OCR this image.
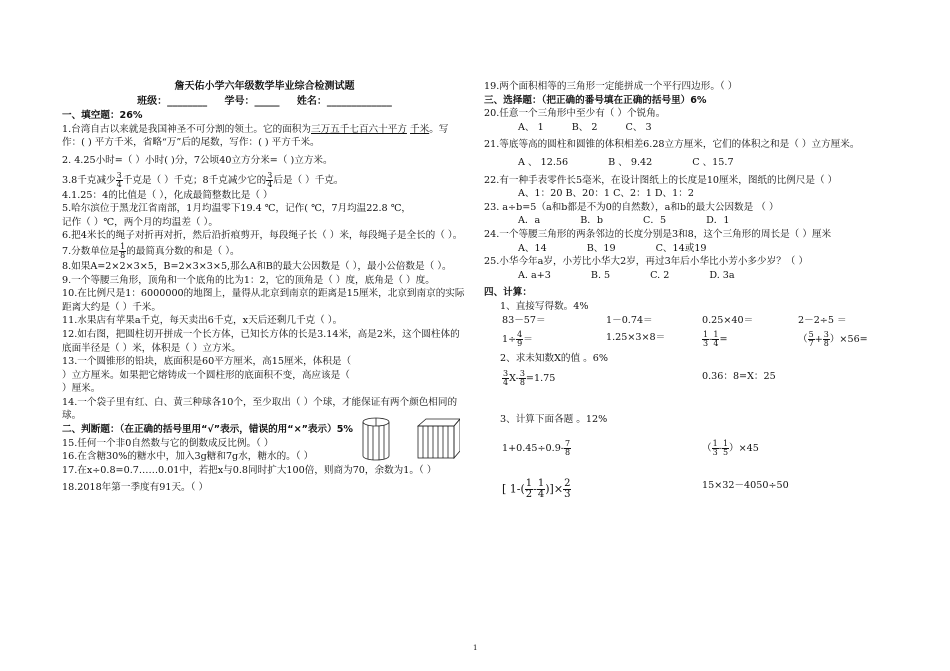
詹天佑小学六年级数学毕业综合检测试题
班级：________ 学号：_____ 姓名：_____________
一、填空题：26%

1.台湾自古以来就是我国神圣不可分割的领土。它的面积为三万五千七百六十平方 千米。写作：( ) 平方千米，省略“万”后的尾数，写作：( ) 平方千米。

2. 4.25小时=（ ）小时( )分，7公顷40立方分米=（ )立方米。

3.8千克减少 $\frac{3}{4}$ 千克是（ ）千克；8千克减少它的 $\frac{3}{4}$ 后是（ ）千克。

4.1.25：4的比值是（ ），化成最简整数比是（ ）

5.哈尔滨位于黑龙江省南部，1月均温零下19.4 ℃，记作( ℃，7月均温22.8 ℃，
记作（ ）℃，两个月的均温差（ ）。

6.把4米长的绳子对折再对折，然后沿折痕剪开，每段绳子长（ ）米，每段绳子是全长的（ ）。

7.分数单位是 $\frac{1}{8}$ 的最简真分数的和是（ ）。

8.如果A=2×2×3×5，B=2×3×3×5,那么A和B的最大公因数是（ ），最小公倍数是（ ）。

9.一个等腰三角形，顶角和一个底角的比为1：2，它的顶角是（ ）度，底角是（ ）度。

10.在比例尺是1：6000000的地图上，量得从北京到南京的距离是15厘米，北京到南京的实际距离大约是（ ）千米。

11.水果店有苹果a千克，每天卖出6千克，x天后还剩几千克（ ）。

12.如右图，把圆柱切开拼成一个长方体，已知长方体的长是3.14米，高是2米，这个圆柱体的底面半径是（ ）米，体积是（ ）立方米。

13.一个圆锥形的铅块，底面积是60平方厘米，高15厘米，体积是（ ）立方厘米。如果把它熔铸成一个圆柱形的底面积不变，高应该是（ ）厘米。

14.一个袋子里有红、白、黄三种球各10个，至少取出（ ）个球，才能保证有两个颜色相同的球。

二、判断题：（在正确的括号里用“√”表示，错误的用“×”表示）5%

15.任何一个非0自然数与它的倒数成反比例。（ ）

16.在含糖30%的糖水中，加入3g糖和7g水，糖水的。（ ）

17.在x÷0.8=0.7……0.01中，若把x与0.8同时扩大100倍，则商为70，余数为1。（ ）

18.2018年第一季度有91天。（ ）

19.两个面积相等的三角形一定能拼成一个平行四边形。（ ）

三、选择题：（把正确的番号填在正确的括号里）6%

20.任意一个三角形中至少有（ ）个锐角。

A、 1	B、 2	C、 3

21.等底等高的圆柱和圆锥的体积相差6.28立方厘米，它们的体积之和是（ ）立方厘米。

A 、 12.56	B 、 9.42	C 、15.7

22.有一种手表零件长5毫米，在设计图纸上的长度是10厘米，图纸的比例尺是（ ）

A、1：20 B、20：1 C、2：1 D、1：2

23. a÷b=5（a和b都是不为0的自然数），a和b的最大公因数是 （ ）

A．a	B．b	C．5	D．1

24.一个等腰三角形的两条邻边的长度分别是3和8，这个三角形的周长是（ ）厘米

A、14	B、19	C、14或19

25.小华今年a岁，小芳比小华大2岁，再过3年后小华比小芳小多少岁？（ ）

A. a+3	B. 5	C. 2	D. 3a
四、计算：

1、直接写得数。4%

83－57＝	1－0.74＝	0.25×40＝	2－2÷5 ＝
$1\div \frac{4}{9}$ ＝	1.25×3×8＝	$\frac{1}{3} - \frac{1}{4}$ =	（ $\frac{5}{7} + \frac{3}{8} )\times 56=$

2、求未知数X的值 。6%

$\frac{3}{4} X- \frac{3}{8} =1.75$	0.36：8=X：25

3、计算下面各题 。12%

$1+0.45\div 0.9- \frac{7}{8}$	（ $\frac{1}{3} - \frac{1}{5} )\times 45$
[ $1-( \frac{1}{2} - \frac{1}{4}$ )]× $\frac{2}{3}$	15×32－4050÷50
1
